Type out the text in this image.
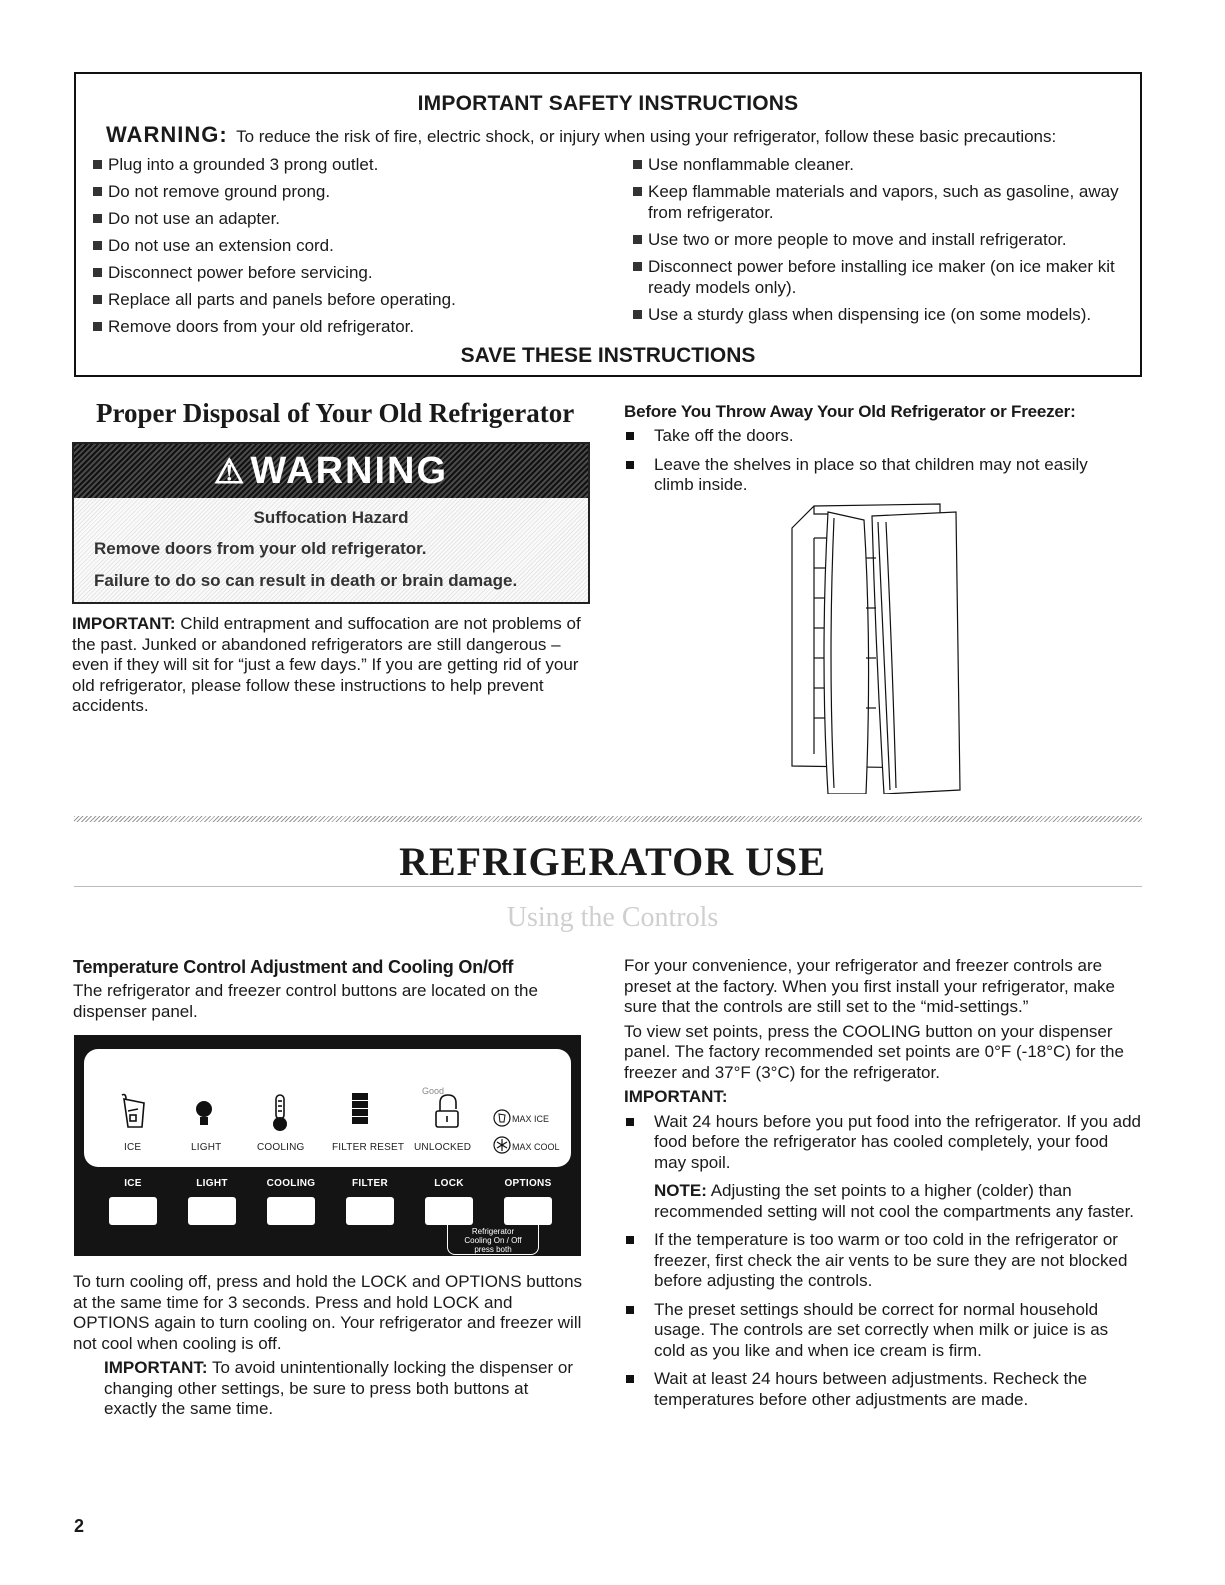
IMPORTANT SAFETY INSTRUCTIONS
WARNING: To reduce the risk of fire, electric shock, or injury when using your refrigerator, follow these basic precautions:
Plug into a grounded 3 prong outlet.
Do not remove ground prong.
Do not use an adapter.
Do not use an extension cord.
Disconnect power before servicing.
Replace all parts and panels before operating.
Remove doors from your old refrigerator.
Use nonflammable cleaner.
Keep flammable materials and vapors, such as gasoline, away from refrigerator.
Use two or more people to move and install refrigerator.
Disconnect power before installing ice maker (on ice maker kit ready models only).
Use a sturdy glass when dispensing ice (on some models).
SAVE THESE INSTRUCTIONS
Proper Disposal of Your Old Refrigerator
⚠ WARNING
Suffocation Hazard
Remove doors from your old refrigerator.
Failure to do so can result in death or brain damage.
IMPORTANT: Child entrapment and suffocation are not problems of the past. Junked or abandoned refrigerators are still dangerous – even if they will sit for “just a few days.” If you are getting rid of your old refrigerator, please follow these instructions to help prevent accidents.
Before You Throw Away Your Old Refrigerator or Freezer:
Take off the doors.
Leave the shelves in place so that children may not easily climb inside.
REFRIGERATOR USE
Using the Controls
Temperature Control Adjustment and Cooling On/Off
The refrigerator and freezer control buttons are located on the dispenser panel.
Good
MAX ICE
MAX COOL
ICE	LIGHT	COOLING	FILTER RESET UNLOCKED
ICE	LIGHT	COOLING	FILTER	LOCK	OPTIONS
Refrigerator
Cooling On / Off
press both
To turn cooling off, press and hold the LOCK and OPTIONS buttons at the same time for 3 seconds. Press and hold LOCK and OPTIONS again to turn cooling on. Your refrigerator and freezer will not cool when cooling is off.
IMPORTANT: To avoid unintentionally locking the dispenser or changing other settings, be sure to press both buttons at exactly the same time.

For your convenience, your refrigerator and freezer controls are preset at the factory. When you first install your refrigerator, make sure that the controls are still set to the “mid-settings.”

To view set points, press the COOLING button on your dispenser panel. The factory recommended set points are 0°F (-18°C) for the freezer and 37°F (3°C) for the refrigerator.

IMPORTANT:
Wait 24 hours before you put food into the refrigerator. If you add food before the refrigerator has cooled completely, your food may spoil.
NOTE: Adjusting the set points to a higher (colder) than recommended setting will not cool the compartments any faster.
If the temperature is too warm or too cold in the refrigerator or freezer, first check the air vents to be sure they are not blocked before adjusting the controls.
The preset settings should be correct for normal household usage. The controls are set correctly when milk or juice is as cold as you like and when ice cream is firm.
Wait at least 24 hours between adjustments. Recheck the temperatures before other adjustments are made.
2
